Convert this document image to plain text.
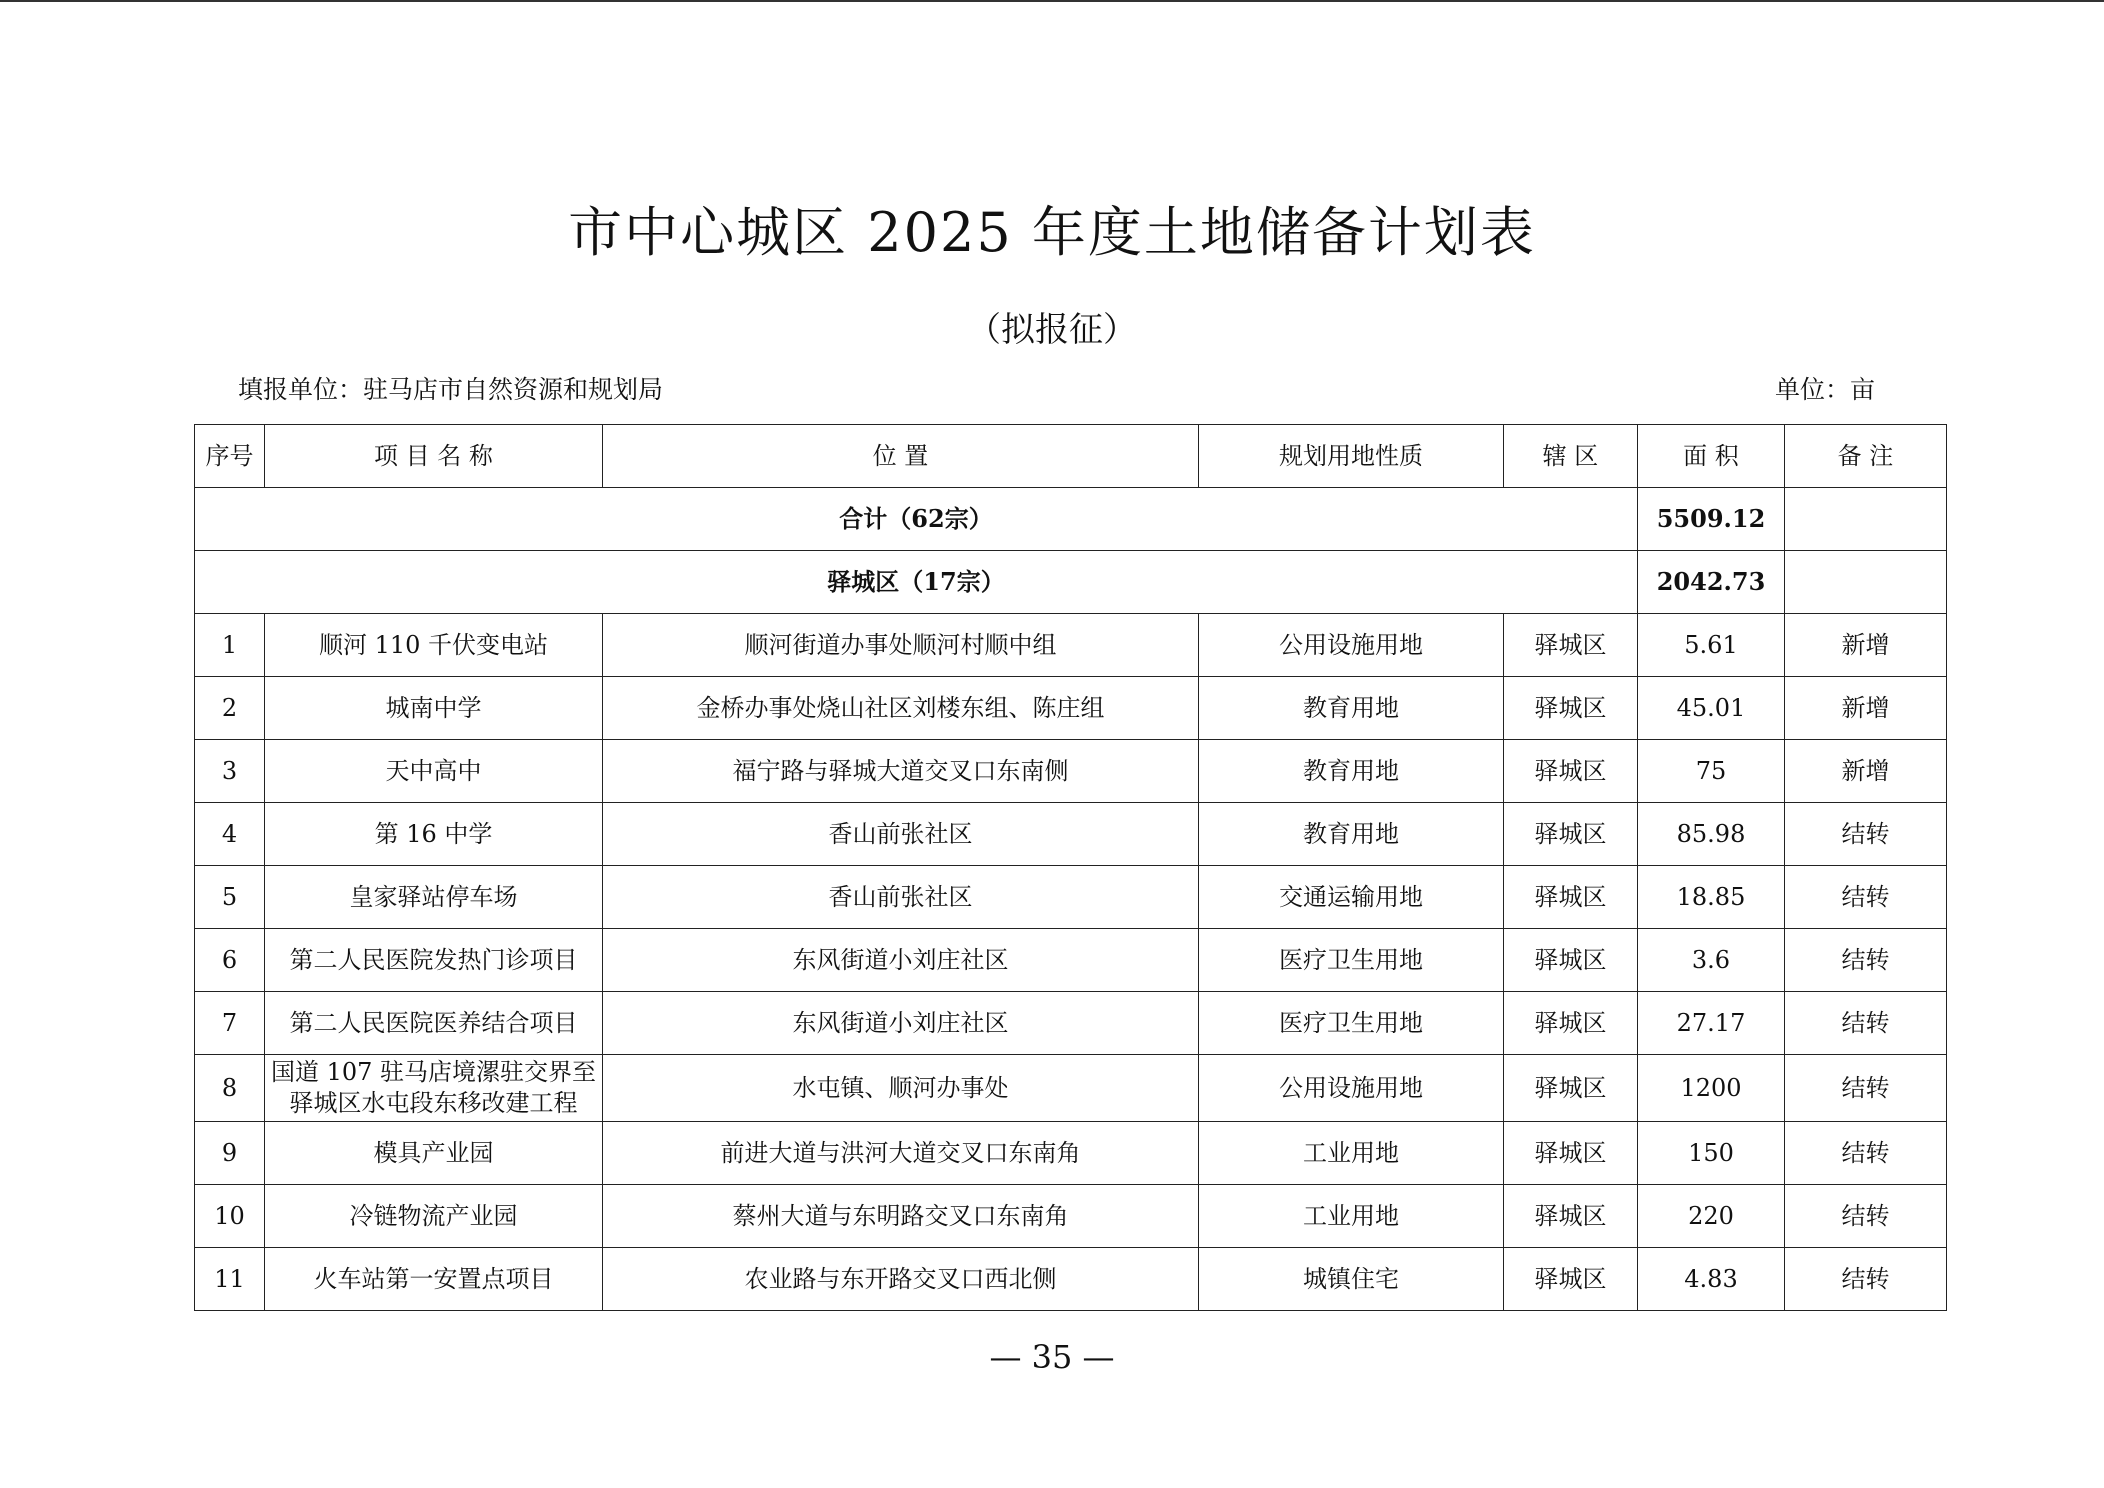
市中心城区 2025 年度土地储备计划表
（拟报征）
填报单位：驻马店市自然资源和规划局	单位：亩
序号	项 目 名 称	位 置	规划用地性质	辖 区	面 积	备 注
合计（62宗）					5509.12	
驿城区（17宗）					2042.73	
1	顺河 110 千伏变电站	顺河街道办事处顺河村顺中组	公用设施用地	驿城区	5.61	新增
2	城南中学	金桥办事处烧山社区刘楼东组、陈庄组	教育用地	驿城区	45.01	新增
3	天中高中	福宁路与驿城大道交叉口东南侧	教育用地	驿城区	75	新增
4	第 16 中学	香山前张社区	教育用地	驿城区	85.98	结转
5	皇家驿站停车场	香山前张社区	交通运输用地	驿城区	18.85	结转
6	第二人民医院发热门诊项目	东风街道小刘庄社区	医疗卫生用地	驿城区	3.6	结转
7	第二人民医院医养结合项目	东风街道小刘庄社区	医疗卫生用地	驿城区	27.17	结转
8	国道 107 驻马店境漯驻交界至
驿城区水屯段东移改建工程	水屯镇、顺河办事处	公用设施用地	驿城区	1200	结转
9	模具产业园	前进大道与洪河大道交叉口东南角	工业用地	驿城区	150	结转
10	冷链物流产业园	蔡州大道与东明路交叉口东南角	工业用地	驿城区	220	结转
11	火车站第一安置点项目	农业路与东开路交叉口西北侧	城镇住宅	驿城区	4.83	结转
— 35 —
